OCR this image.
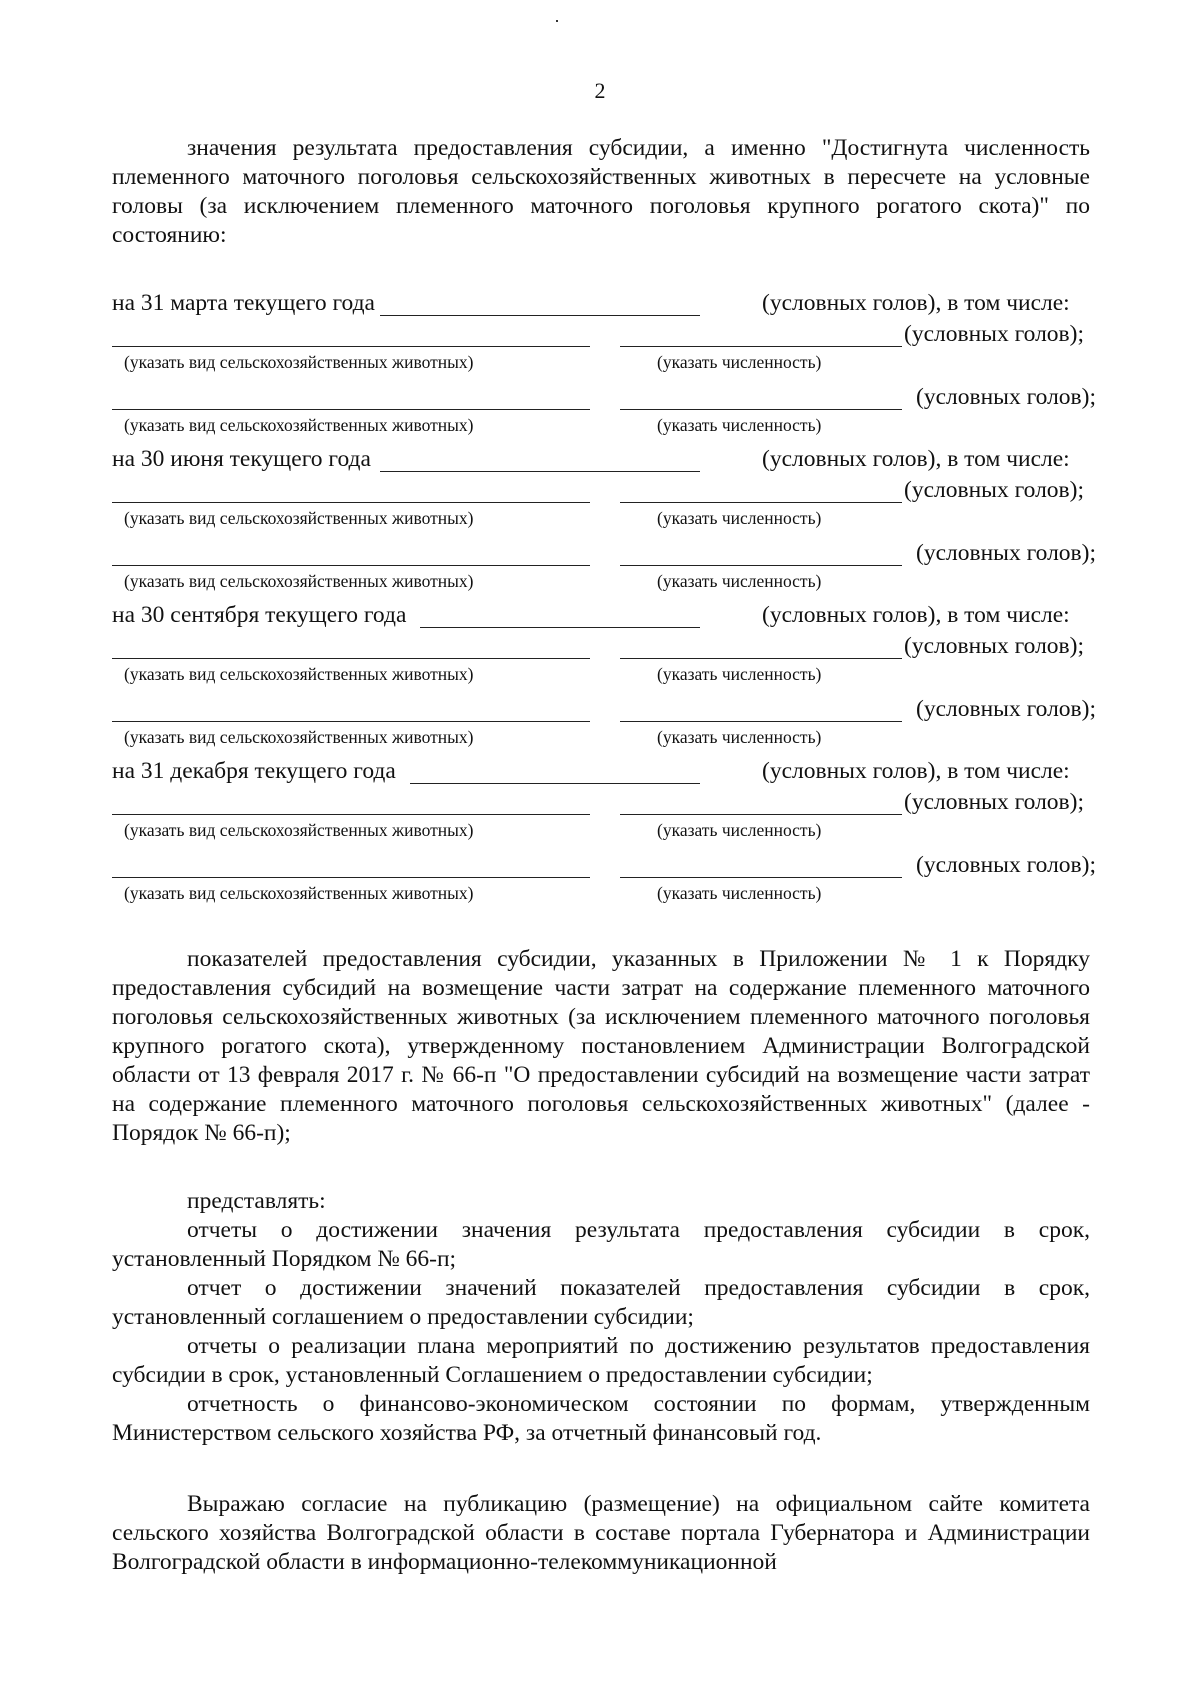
2
значения результата предоставления субсидии, а именно "Достигнута численность племенного маточного поголовья сельскохозяйственных животных в пересчете на условные головы (за исключением племенного маточного поголовья крупного рогатого скота)" по состоянию:
на 31 марта текущего года	(условных голов), в том числе:
(условных голов);
(указать вид сельскохозяйственных животных)	(указать численность)
(условных голов);
(указать вид сельскохозяйственных животных)	(указать численность)
на 30 июня текущего года	(условных голов), в том числе:
(условных голов);
(указать вид сельскохозяйственных животных)	(указать численность)
(условных голов);
(указать вид сельскохозяйственных животных)	(указать численность)
на 30 сентября текущего года	(условных голов), в том числе:
(условных голов);
(указать вид сельскохозяйственных животных)	(указать численность)
(условных голов);
(указать вид сельскохозяйственных животных)	(указать численность)
на 31 декабря текущего года	(условных голов), в том числе:
(условных голов);
(указать вид сельскохозяйственных животных)	(указать численность)
(условных голов);
(указать вид сельскохозяйственных животных)	(указать численность)
показателей предоставления субсидии, указанных в Приложении № 1 к Порядку предоставления субсидий на возмещение части затрат на содержание племенного маточного поголовья сельскохозяйственных животных (за исключением племенного маточного поголовья крупного рогатого скота), утвержденному постановлением Администрации Волгоградской области от 13 февраля 2017 г. № 66-п "О предоставлении субсидий на возмещение части затрат на содержание племенного маточного поголовья сельскохозяйственных животных" (далее - Порядок № 66-п);
представлять:
отчеты о достижении значения результата предоставления субсидии в срок, установленный Порядком № 66-п;
отчет о достижении значений показателей предоставления субсидии в срок, установленный соглашением о предоставлении субсидии;
отчеты о реализации плана мероприятий по достижению результатов предоставления субсидии в срок, установленный Соглашением о предоставлении субсидии;
отчетность о финансово-экономическом состоянии по формам, утвержденным Министерством сельского хозяйства РФ, за отчетный финансовый год.
Выражаю согласие на публикацию (размещение) на официальном сайте комитета сельского хозяйства Волгоградской области в составе портала Губернатора и Администрации Волгоградской области в информационно-телекоммуникационной
